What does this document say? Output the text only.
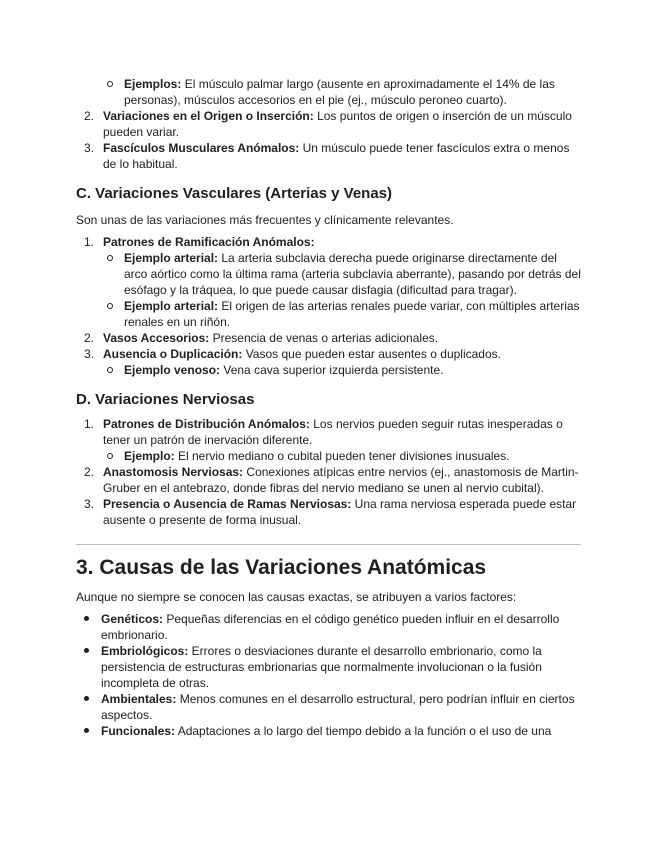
Ejemplos: El músculo palmar largo (ausente en aproximadamente el 14% de las personas), músculos accesorios en el pie (ej., músculo peroneo cuarto).
2. Variaciones en el Origen o Inserción: Los puntos de origen o inserción de un músculo pueden variar.
3. Fascículos Musculares Anómalos: Un músculo puede tener fascículos extra o menos de lo habitual.
C. Variaciones Vasculares (Arterias y Venas)

Son unas de las variaciones más frecuentes y clínicamente relevantes.

1. Patrones de Ramificación Anómalos:
Ejemplo arterial: La arteria subclavia derecha puede originarse directamente del arco aórtico como la última rama (arteria subclavia aberrante), pasando por detrás del esófago y la tráquea, lo que puede causar disfagia (dificultad para tragar).
Ejemplo arterial: El origen de las arterias renales puede variar, con múltiples arterias renales en un riñón.
2. Vasos Accesorios: Presencia de venas o arterias adicionales.
3. Ausencia o Duplicación: Vasos que pueden estar ausentes o duplicados.
Ejemplo venoso: Vena cava superior izquierda persistente.
D. Variaciones Nerviosas
1. Patrones de Distribución Anómalos: Los nervios pueden seguir rutas inesperadas o tener un patrón de inervación diferente.
Ejemplo: El nervio mediano o cubital pueden tener divisiones inusuales.
2. Anastomosis Nerviosas: Conexiones atípicas entre nervios (ej., anastomosis de Martin-Gruber en el antebrazo, donde fibras del nervio mediano se unen al nervio cubital).
3. Presencia o Ausencia de Ramas Nerviosas: Una rama nerviosa esperada puede estar ausente o presente de forma inusual.
3. Causas de las Variaciones Anatómicas

Aunque no siempre se conocen las causas exactas, se atribuyen a varios factores:

Genéticos: Pequeñas diferencias en el código genético pueden influir en el desarrollo embrionario.
Embriológicos: Errores o desviaciones durante el desarrollo embrionario, como la persistencia de estructuras embrionarias que normalmente involucionan o la fusión incompleta de otras.
Ambientales: Menos comunes en el desarrollo estructural, pero podrían influir en ciertos aspectos.
Funcionales: Adaptaciones a lo largo del tiempo debido a la función o el uso de una
